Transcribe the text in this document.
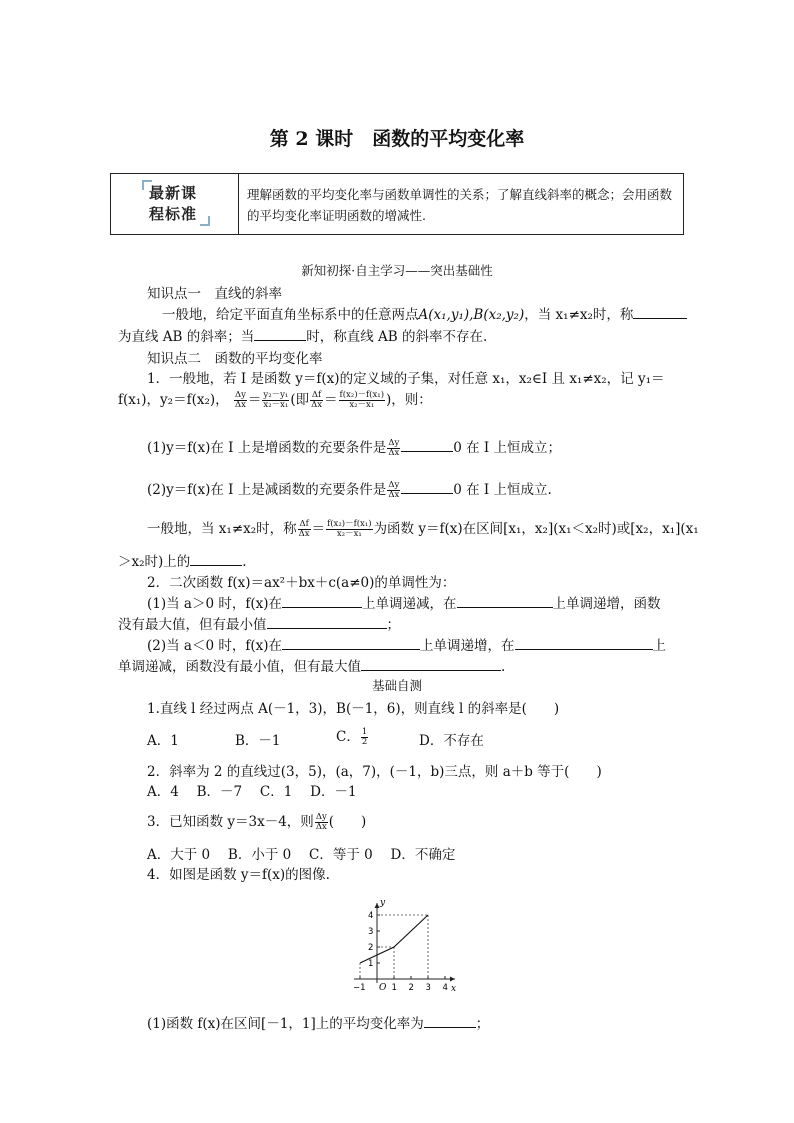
第 2 课时　函数的平均变化率
最新课
程标准
理解函数的平均变化率与函数单调性的关系；了解直线斜率的概念；会用函数的平均变化率证明函数的增减性.
新知初探·自主学习——突出基础性
知识点一　直线的斜率
一般地，给定平面直角坐标系中的任意两点A(x₁,y₁),B(x₂,y₂)，当 x₁≠x₂时，称
为直线 AB 的斜率；当	时，称直线 AB 的斜率不存在.
知识点二　函数的平均变化率
1．一般地，若 I 是函数 y＝f(x)的定义域的子集，对任意 x₁，x₂∈I 且 x₁≠x₂，记 y₁＝
f(x₁)，y₂＝f(x₂)， $\frac{\Delta y}{\Delta x} = \frac{\text{y₂－y₁}}{\text{x₂－x₁}}$ (即 $\frac{\Delta f}{\Delta x} = \frac{\text{f(x₂)－f(x₁)}}{\text{x₂－x₁}}$ )，则：
(1)y＝f(x)在 I 上是增函数的充要条件是 $\frac{\Delta y}{\Delta x}$	0 在 I 上恒成立；
(2)y＝f(x)在 I 上是减函数的充要条件是 $\frac{\Delta y}{\Delta x}$	0 在 I 上恒成立.
一般地，当 x₁≠x₂时，称 $\frac{\Delta f}{\Delta x} = \frac{\text{f(x₂)－f(x₁)}}{\text{x₂－x₁}}$ 为函数 y＝f(x)在区间[x₁，x₂](x₁＜x₂时)或[x₂，x₁](x₁
＞x₂时)上的	.
2．二次函数 f(x)＝ax²＋bx＋c(a≠0)的单调性为：
(1)当 a＞0 时，f(x)在	上单调递减，在	上单调递增，函数
没有最大值，但有最小值	；
(2)当 a＜0 时，f(x)在	上单调递增，在	上
单调递减，函数没有最小值，但有最大值	.
基础自测
1.直线 l 经过两点 A(－1，3)，B(－1，6)，则直线 l 的斜率是(　　)
A．1	B．－1	C． $\frac{1}{2}$	D．不存在
2．斜率为 2 的直线过(3，5)，(a，7)，(－1，b)三点，则 a＋b 等于(　　)
A．4　 B．－7　 C．1　 D．－1
3．已知函数 y＝3x－4，则 $\frac{\Delta y}{\Delta x}$ (　　)
A．大于 0　 B．小于 0　 C．等于 0　 D．不确定
4．如图是函数 y＝f(x)的图像.
x
y
O
−1	1 2 3 4
1
2
3
4
(1)函数 f(x)在区间[－1，1]上的平均变化率为	；
